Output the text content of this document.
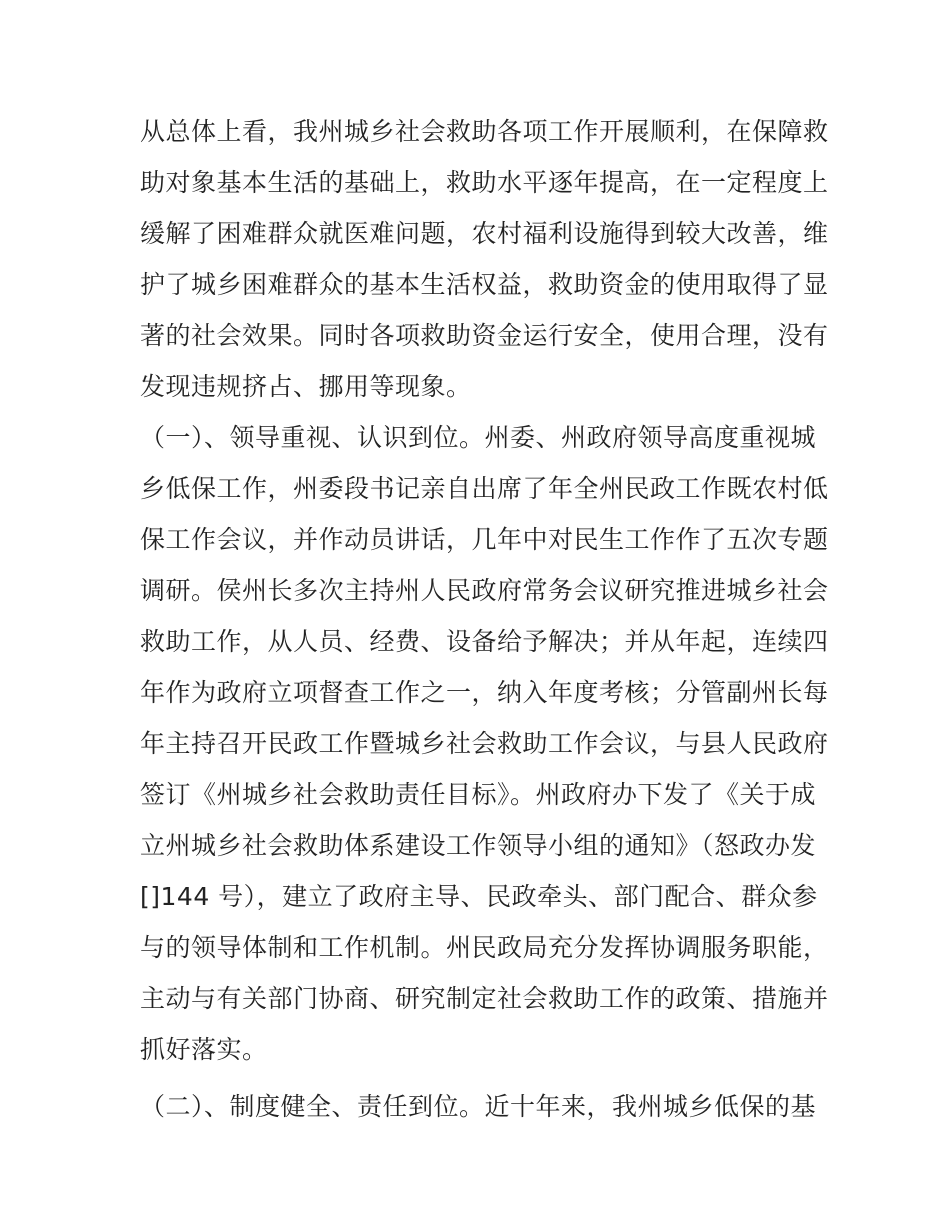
从总体上看，我州城乡社会救助各项工作开展顺利，在保障救
助对象基本生活的基础上，救助水平逐年提高，在一定程度上
缓解了困难群众就医难问题，农村福利设施得到较大改善，维
护了城乡困难群众的基本生活权益，救助资金的使用取得了显
著的社会效果。同时各项救助资金运行安全，使用合理，没有
发现违规挤占、挪用等现象。
（一）、领导重视、认识到位。州委、州政府领导高度重视城
乡低保工作，州委段书记亲自出席了年全州民政工作既农村低
保工作会议，并作动员讲话，几年中对民生工作作了五次专题
调研。侯州长多次主持州人民政府常务会议研究推进城乡社会
救助工作，从人员、经费、设备给予解决；并从年起，连续四
年作为政府立项督查工作之一，纳入年度考核；分管副州长每
年主持召开民政工作暨城乡社会救助工作会议，与县人民政府
签订《州城乡社会救助责任目标》。州政府办下发了《关于成
立州城乡社会救助体系建设工作领导小组的通知》（怒政办发
[]144 号），建立了政府主导、民政牵头、部门配合、群众参
与的领导体制和工作机制。州民政局充分发挥协调服务职能，
主动与有关部门协商、研究制定社会救助工作的政策、措施并
抓好落实。
（二）、制度健全、责任到位。近十年来，我州城乡低保的基
